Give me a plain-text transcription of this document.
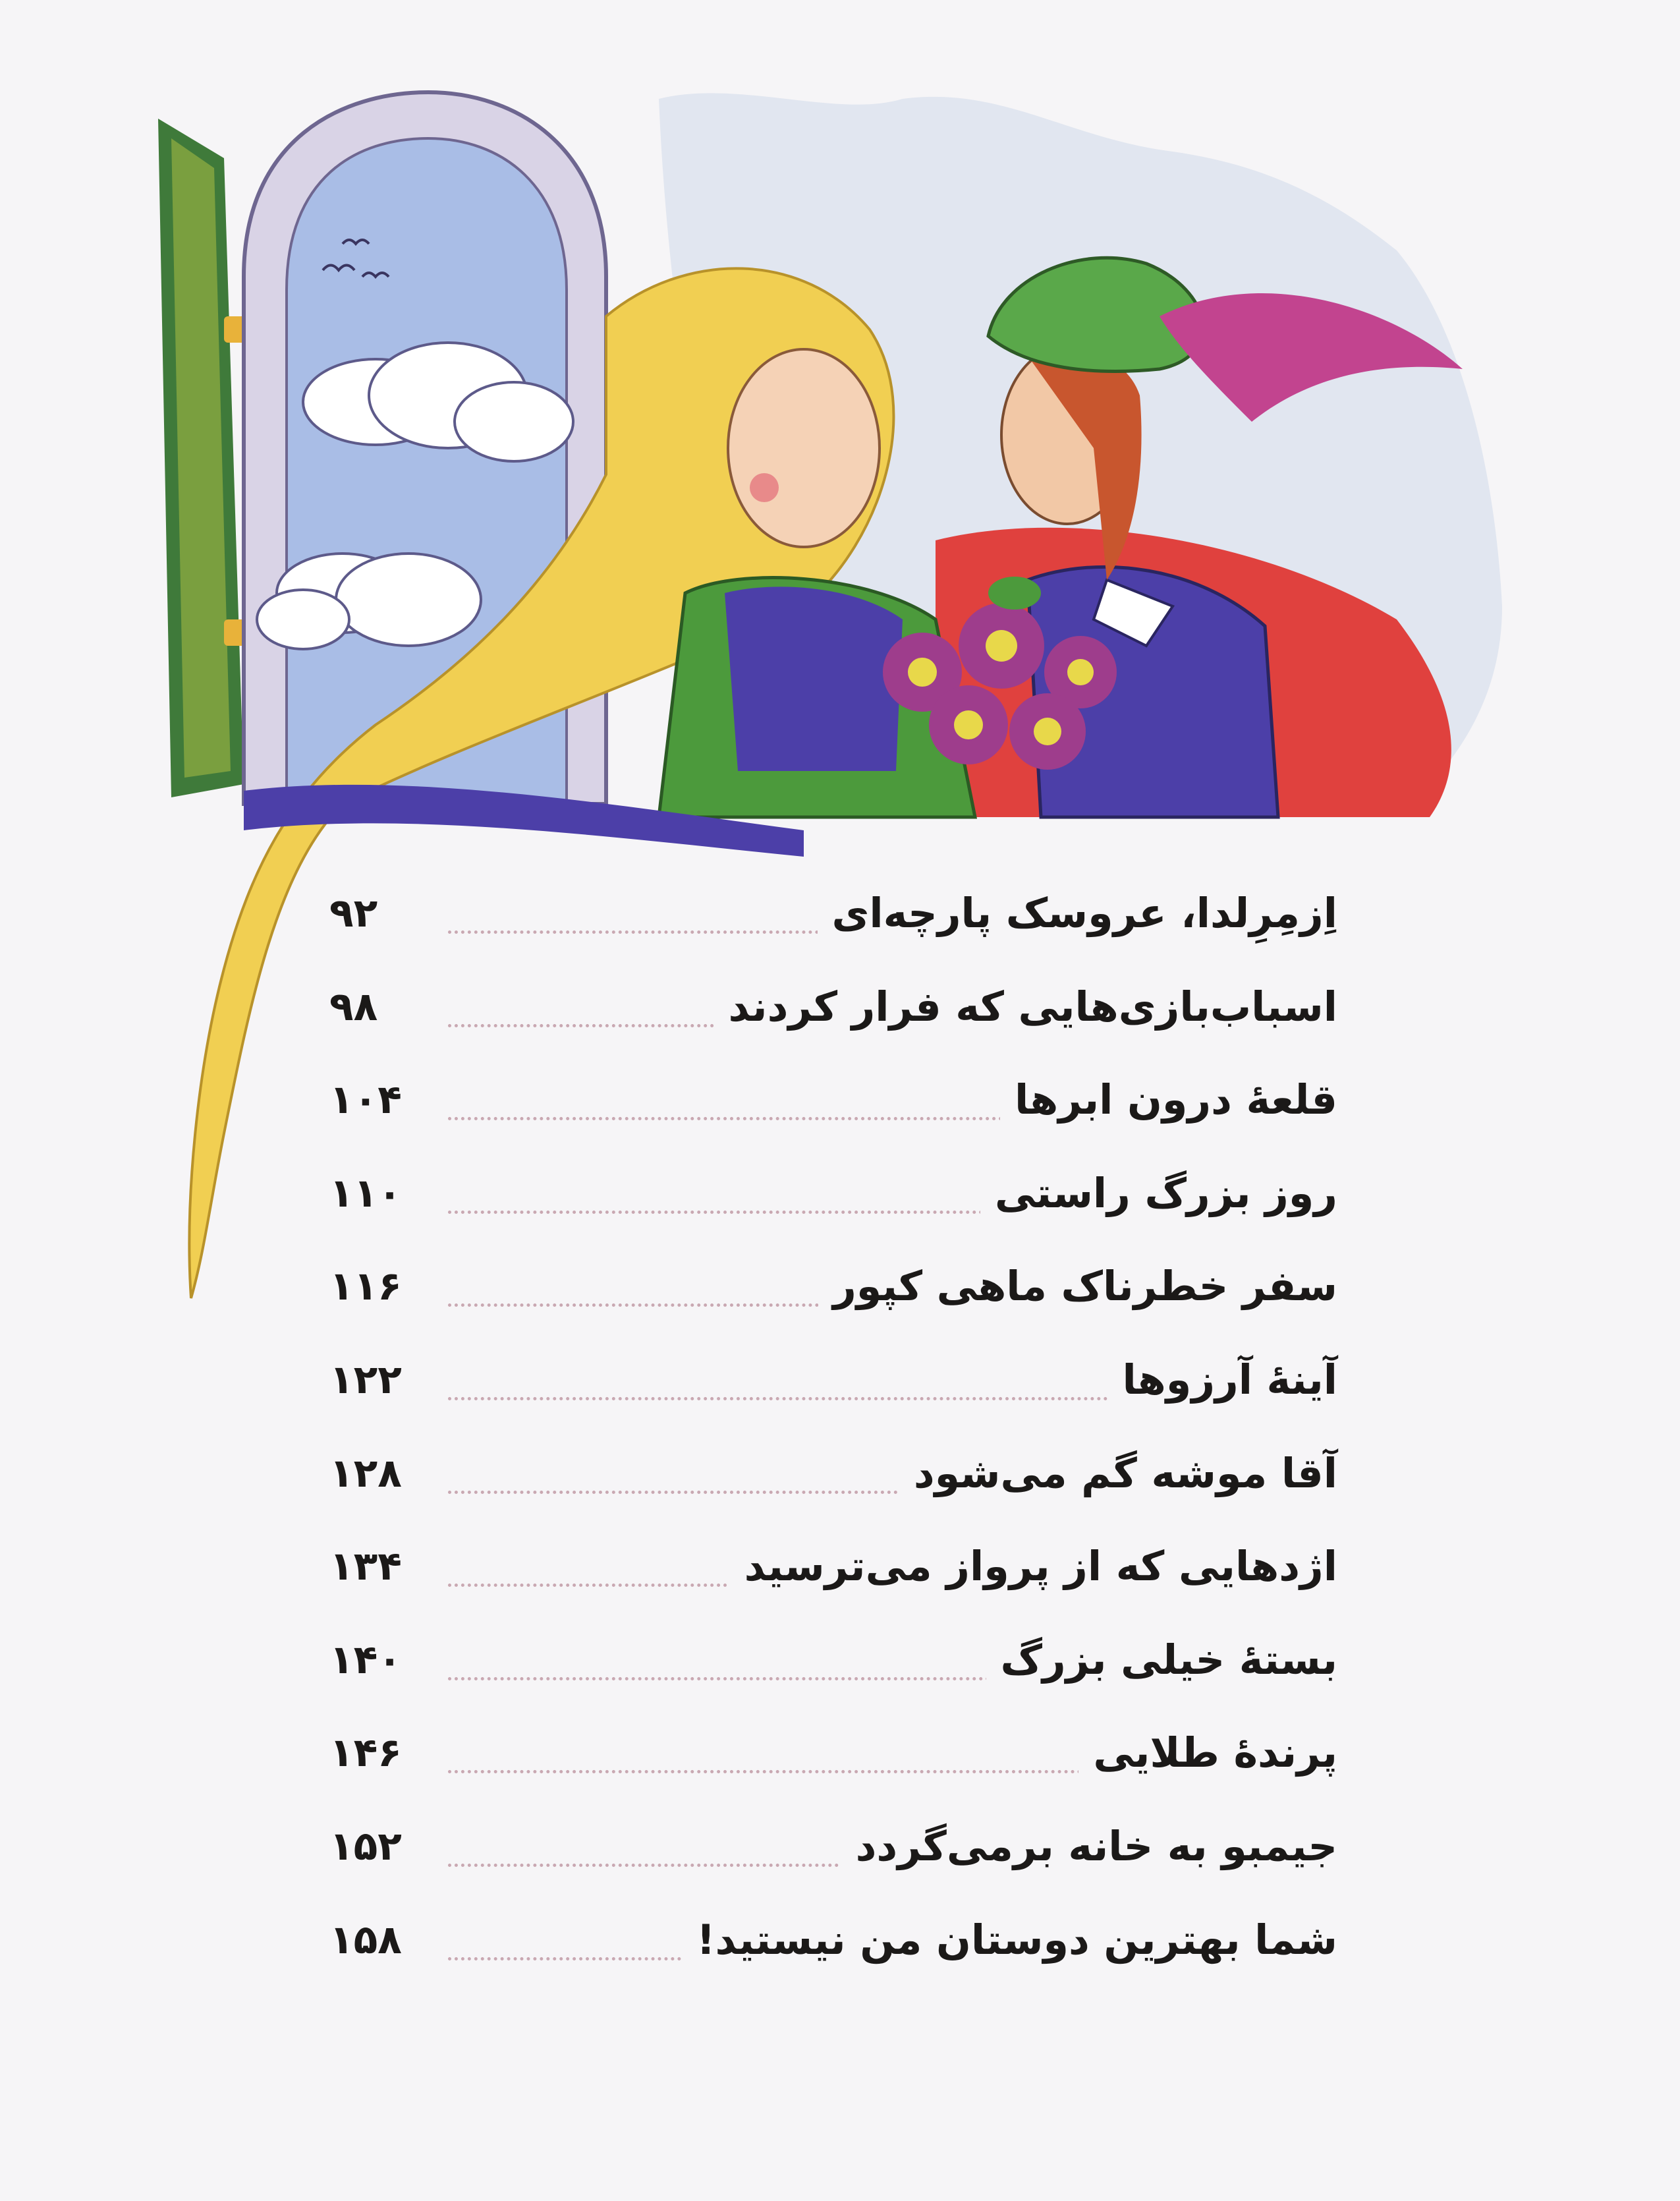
اِزمِرِلدا، عروسک پارچه‌ای
۹۲
اسباب‌بازی‌هایی که فرار کردند
۹۸
قلعهٔ درون ابرها
۱۰۴
روز بزرگ راستی
۱۱۰
سفر خطرناک ماهی کپور
۱۱۶
آینهٔ آرزوها
۱۲۲
آقا موشه گم می‌شود
۱۲۸
اژدهایی که از پرواز می‌ترسید
۱۳۴
بستهٔ خیلی بزرگ
۱۴۰
پرندهٔ طلایی
۱۴۶
جیمبو به خانه برمی‌گردد
۱۵۲
شما بهترین دوستان من نیستید!
۱۵۸
